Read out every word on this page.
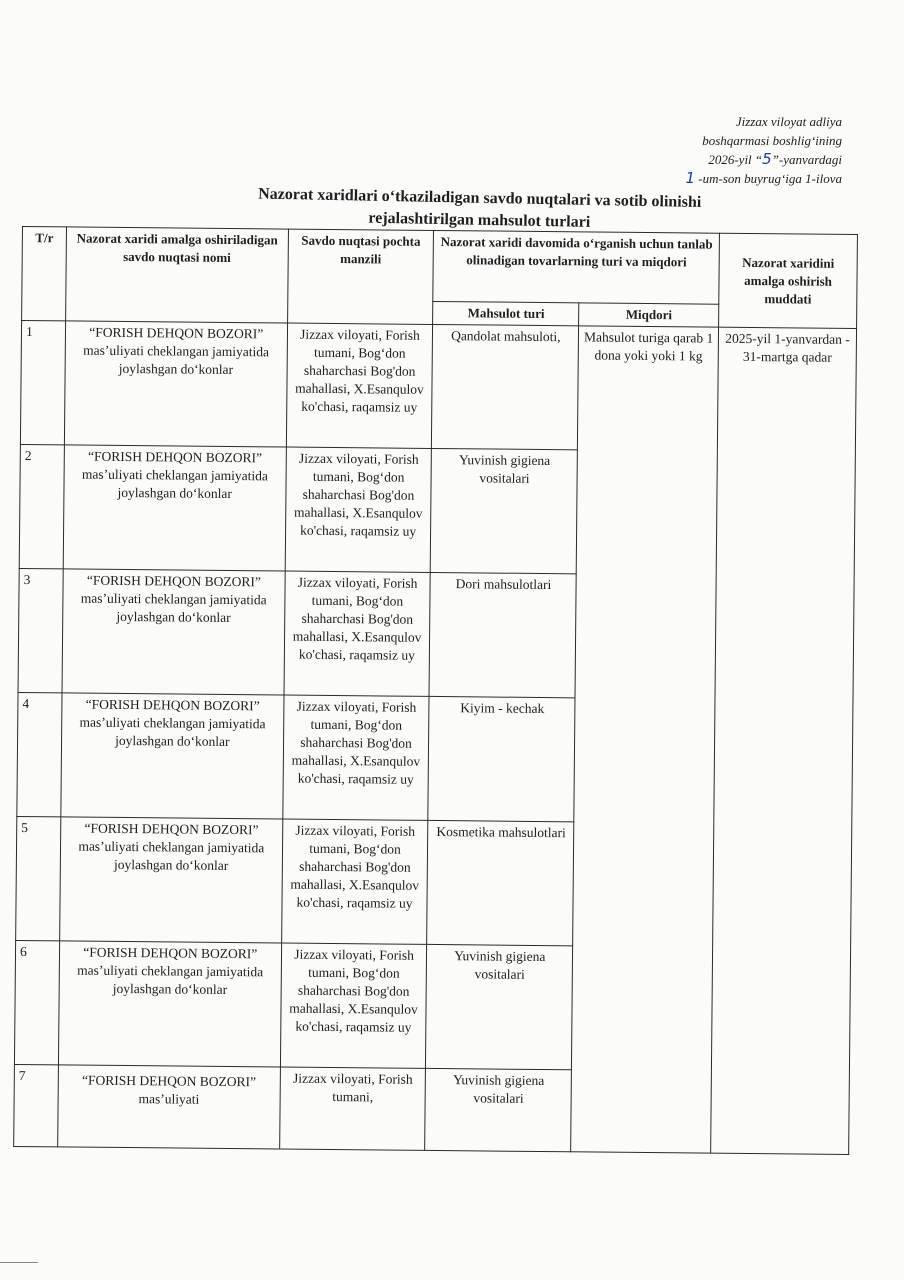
Jizzax viloyat adliya
boshqarmasi boshlig‘ining
2026-yil “5”-yanvardagi
1 -um-son buyrug‘iga 1-ilova
Nazorat xaridlari o‘tkaziladigan savdo nuqtalari va sotib olinishi
rejalashtirilgan mahsulot turlari
T/r	Nazorat xaridi amalga oshiriladigan savdo nuqtasi nomi	Savdo nuqtasi pochta manzili	Nazorat xaridi davomida o‘rganish uchun tanlab olinadigan tovarlarning turi va miqdori		Nazorat xaridini amalga oshirish muddati
			Mahsulot turi	Miqdori	
1	“FORISH DEHQON BOZORI” mas’uliyati cheklangan jamiyatida joylashgan do‘konlar	Jizzax viloyati, Forish tumani, Bog‘don shaharchasi Bog'don mahallasi, X.Esanqulov ko'chasi, raqamsiz uy	Qandolat mahsuloti,	Mahsulot turiga qarab 1 dona yoki yoki 1 kg	2025-yil 1-yanvardan - 31-martga qadar
2	“FORISH DEHQON BOZORI” mas’uliyati cheklangan jamiyatida joylashgan do‘konlar	Jizzax viloyati, Forish tumani, Bog‘don shaharchasi Bog'don mahallasi, X.Esanqulov ko'chasi, raqamsiz uy	Yuvinish gigiena vositalari		
3	“FORISH DEHQON BOZORI” mas’uliyati cheklangan jamiyatida joylashgan do‘konlar	Jizzax viloyati, Forish tumani, Bog‘don shaharchasi Bog'don mahallasi, X.Esanqulov ko'chasi, raqamsiz uy	Dori mahsulotlari		
4	“FORISH DEHQON BOZORI” mas’uliyati cheklangan jamiyatida joylashgan do‘konlar	Jizzax viloyati, Forish tumani, Bog‘don shaharchasi Bog'don mahallasi, X.Esanqulov ko'chasi, raqamsiz uy	Kiyim - kechak		
5	“FORISH DEHQON BOZORI” mas’uliyati cheklangan jamiyatida joylashgan do‘konlar	Jizzax viloyati, Forish tumani, Bog‘don shaharchasi Bog'don mahallasi, X.Esanqulov ko'chasi, raqamsiz uy	Kosmetika mahsulotlari		
6	“FORISH DEHQON BOZORI” mas’uliyati cheklangan jamiyatida joylashgan do‘konlar	Jizzax viloyati, Forish tumani, Bog‘don shaharchasi Bog'don mahallasi, X.Esanqulov ko'chasi, raqamsiz uy	Yuvinish gigiena vositalari		
7	“FORISH DEHQON BOZORI” mas’uliyati	Jizzax viloyati, Forish tumani,	Yuvinish gigiena vositalari		
